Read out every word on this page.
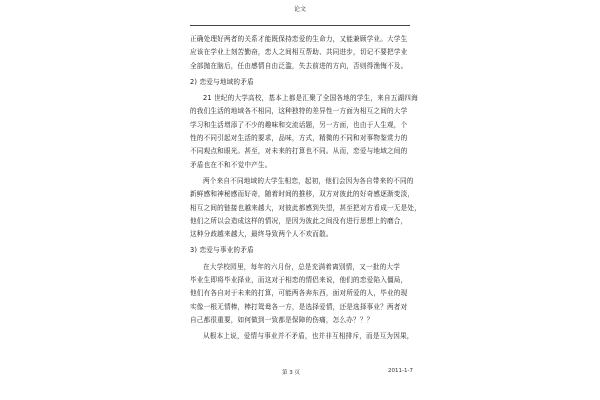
论文

正确处理好两者的关系才能既保持恋爱的生命力，又能兼顾学业。大学生

应该在学业上刻苦勤奋，恋人之间相互帮助、共同进步，切记不要把学业

全部抛在脑后，任由感情自由泛滥，失去前进的方向，否则得渔悔不及。

2) 恋爱与地域的矛盾

21 世纪的大学高校，基本上都是汇聚了全国各地的学生，来自五湖四海

的我们生活的地域各不相同，这种独特的差异性一方面为相互之间的大学

学习和生活增添了不少的趣味和交流话题，另一方面，也由于人生观，个

性的不同引起对生活的要求，品味，方式，精微的不同和对事物鉴赏力的

不同观点和眼光。甚至，对未来的打算也不同。从而，恋爱与地域之间的

矛盾也在不和不觉中产生。

两个来自不同地域的大学生相恋，起初，他们会因为各自带来的不同的

新鲜感和神秘感而好奇，随着时间的推移，双方对彼此的好奇感逐渐变淡，

相互之间的链接也越来越大，对彼此都感到失望，甚至把对方看成一无是处，

他们之所以会造成这样的情况，是因为彼此之间没有进行思想上的磨合，

这种分歧越来越大，最终导致两个人不欢而散。

3) 恋爱与事业的矛盾

在大学校园里，每年的六月份，总是充满着离别情，又一批的大学

毕业生即将毕业择业，而这对于相恋的情侣来说，他们的恋爱陷入僵局，

他们有各自对于未来的打算，可能两各奔东西，面对所爱的人，毕业的现

实像一根无情棒，棒打鸳鸯各一方，是选择爱情，还是选择事业？两者对

自己都很重要，如何做到一致都是保障的伤痛，怎么办？？？

从根本上说，爱情与事业并不矛盾，也并非互相排斥，而是互为因果，

第 3 页	2011-1-7
